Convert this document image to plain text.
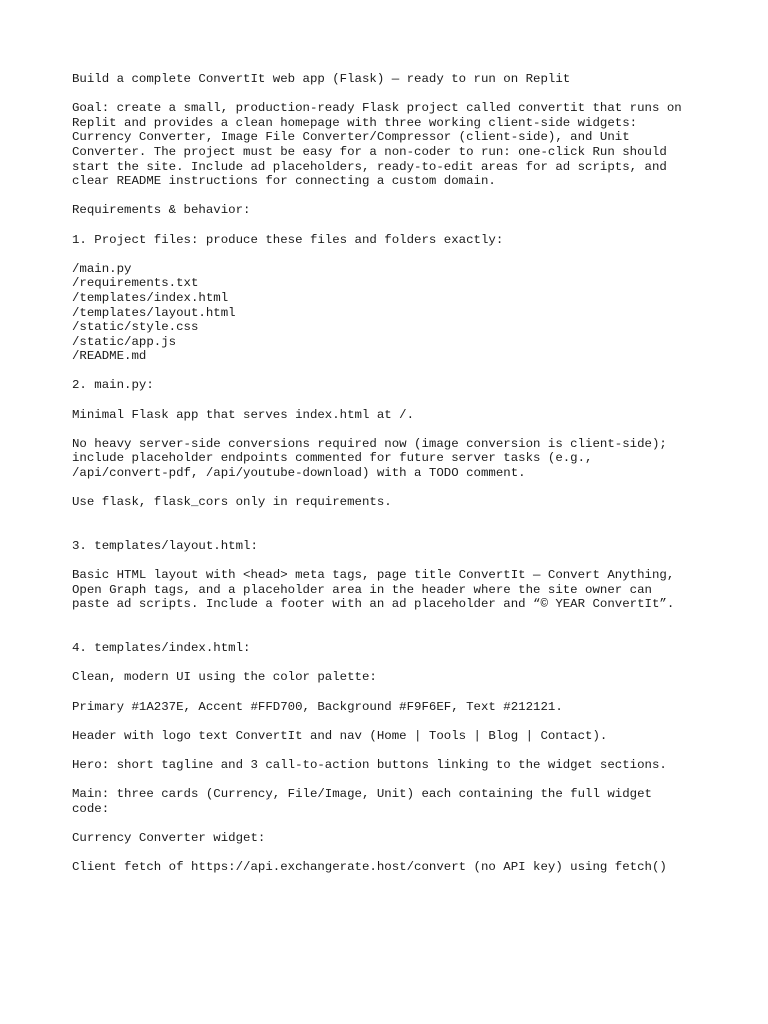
Build a complete ConvertIt web app (Flask) — ready to run on Replit

Goal: create a small, production-ready Flask project called convertit that runs on
Replit and provides a clean homepage with three working client-side widgets:
Currency Converter, Image File Converter/Compressor (client-side), and Unit
Converter. The project must be easy for a non-coder to run: one-click Run should
start the site. Include ad placeholders, ready-to-edit areas for ad scripts, and
clear README instructions for connecting a custom domain.

Requirements & behavior:

1. Project files: produce these files and folders exactly:

/main.py
/requirements.txt
/templates/index.html
/templates/layout.html
/static/style.css
/static/app.js
/README.md

2. main.py:

Minimal Flask app that serves index.html at /.

No heavy server-side conversions required now (image conversion is client-side);
include placeholder endpoints commented for future server tasks (e.g.,
/api/convert-pdf, /api/youtube-download) with a TODO comment.

Use flask, flask_cors only in requirements.

3. templates/layout.html:

Basic HTML layout with <head> meta tags, page title ConvertIt — Convert Anything,
Open Graph tags, and a placeholder area in the header where the site owner can
paste ad scripts. Include a footer with an ad placeholder and “© YEAR ConvertIt”.

4. templates/index.html:

Clean, modern UI using the color palette:

Primary #1A237E, Accent #FFD700, Background #F9F6EF, Text #212121.

Header with logo text ConvertIt and nav (Home | Tools | Blog | Contact).

Hero: short tagline and 3 call-to-action buttons linking to the widget sections.

Main: three cards (Currency, File/Image, Unit) each containing the full widget
code:

Currency Converter widget:

Client fetch of https://api.exchangerate.host/convert (no API key) using fetch()
